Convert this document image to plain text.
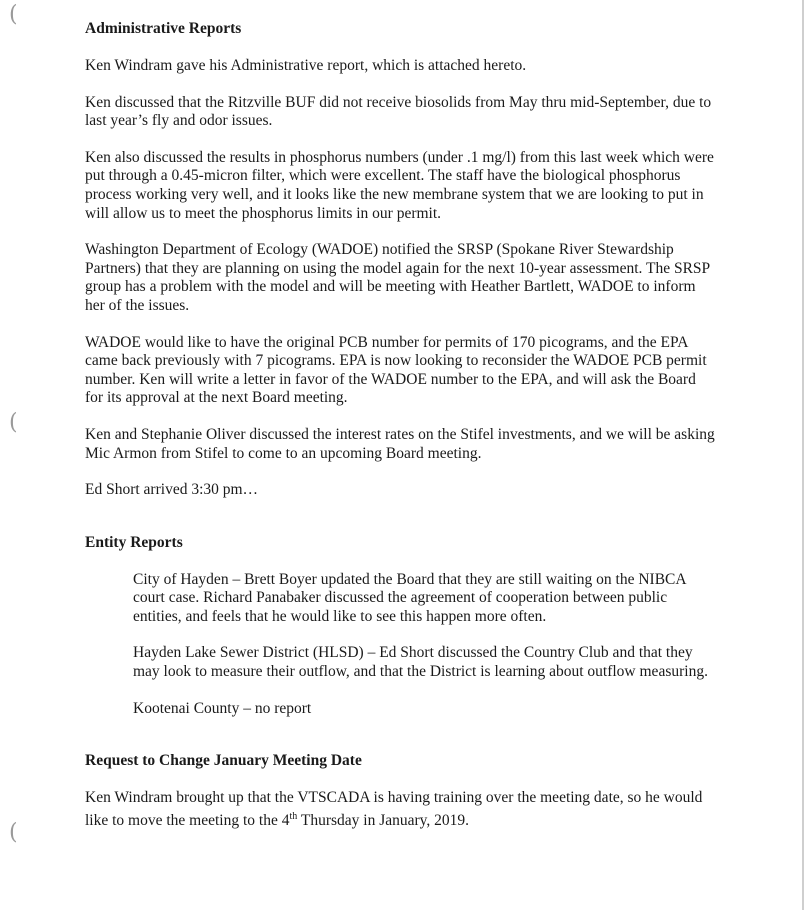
(
(
(

Administrative Reports

Ken Windram gave his Administrative report, which is attached hereto.

Ken discussed that the Ritzville BUF did not receive biosolids from May thru mid-September, due to last year’s fly and odor issues.

Ken also discussed the results in phosphorus numbers (under .1 mg/l) from this last week which were put through a 0.45-micron filter, which were excellent. The staff have the biological phosphorus process working very well, and it looks like the new membrane system that we are looking to put in will allow us to meet the phosphorus limits in our permit.

Washington Department of Ecology (WADOE) notified the SRSP (Spokane River Stewardship Partners) that they are planning on using the model again for the next 10-year assessment. The SRSP group has a problem with the model and will be meeting with Heather Bartlett, WADOE to inform her of the issues.

WADOE would like to have the original PCB number for permits of 170 picograms, and the EPA came back previously with 7 picograms. EPA is now looking to reconsider the WADOE PCB permit number. Ken will write a letter in favor of the WADOE number to the EPA, and will ask the Board for its approval at the next Board meeting.

Ken and Stephanie Oliver discussed the interest rates on the Stifel investments, and we will be asking Mic Armon from Stifel to come to an upcoming Board meeting.

Ed Short arrived 3:30 pm…

Entity Reports

City of Hayden – Brett Boyer updated the Board that they are still waiting on the NIBCA court case. Richard Panabaker discussed the agreement of cooperation between public entities, and feels that he would like to see this happen more often.

Hayden Lake Sewer District (HLSD) – Ed Short discussed the Country Club and that they may look to measure their outflow, and that the District is learning about outflow measuring.

Kootenai County – no report

Request to Change January Meeting Date

Ken Windram brought up that the VTSCADA is having training over the meeting date, so he would like to move the meeting to the 4th Thursday in January, 2019.
